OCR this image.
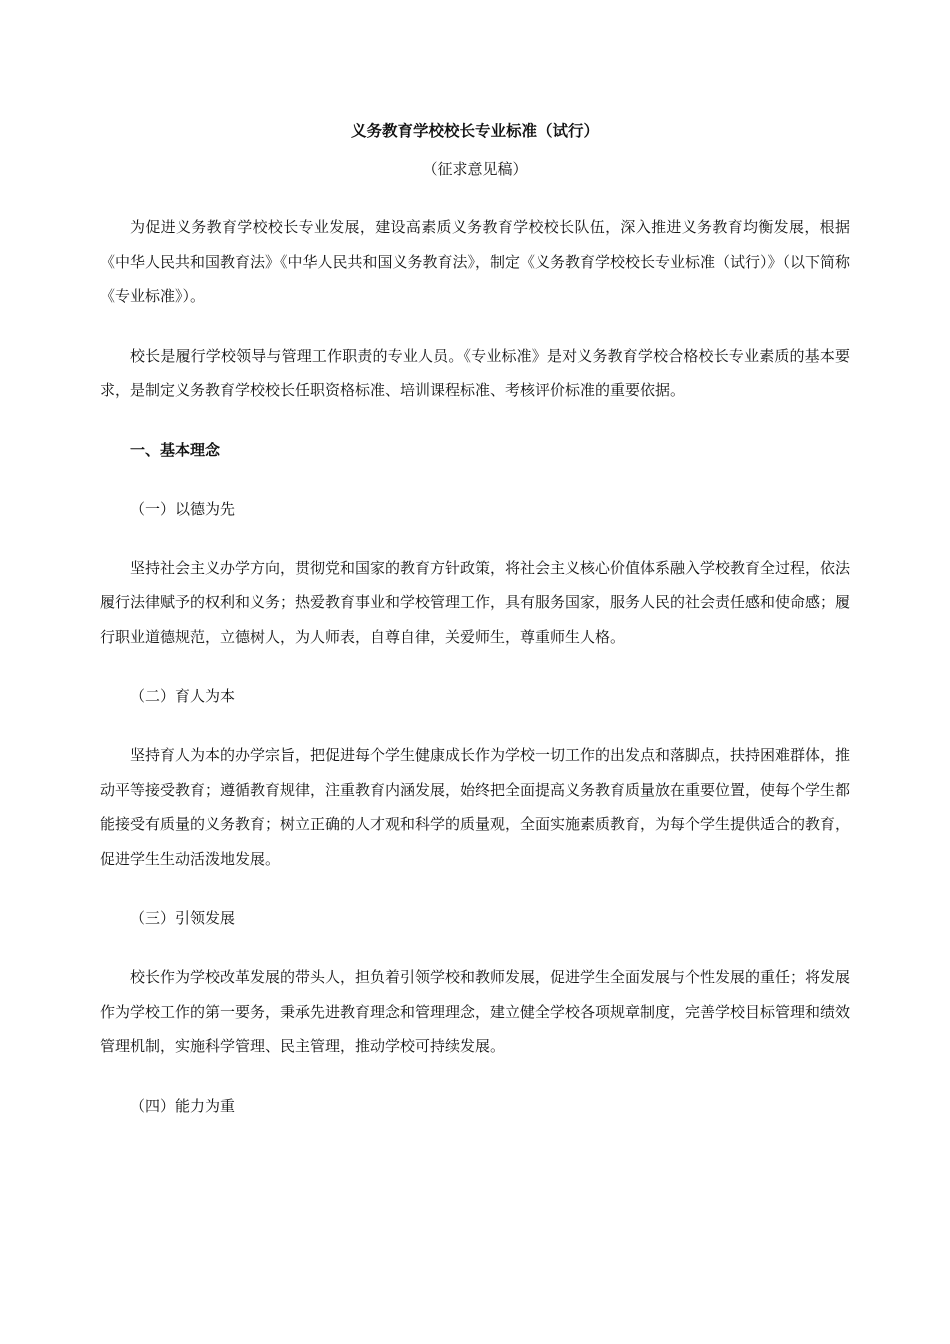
义务教育学校校长专业标准（试行）

（征求意见稿）

为促进义务教育学校校长专业发展，建设高素质义务教育学校校长队伍，深入推进义务教育均衡发展，根据《中华人民共和国教育法》《中华人民共和国义务教育法》，制定《义务教育学校校长专业标准（试行）》（以下简称《专业标准》）。

校长是履行学校领导与管理工作职责的专业人员。《专业标准》是对义务教育学校合格校长专业素质的基本要求，是制定义务教育学校校长任职资格标准、培训课程标准、考核评价标准的重要依据。

一、基本理念

（一）以德为先

坚持社会主义办学方向，贯彻党和国家的教育方针政策，将社会主义核心价值体系融入学校教育全过程，依法履行法律赋予的权利和义务；热爱教育事业和学校管理工作，具有服务国家，服务人民的社会责任感和使命感；履行职业道德规范，立德树人，为人师表，自尊自律，关爱师生，尊重师生人格。

（二）育人为本

坚持育人为本的办学宗旨，把促进每个学生健康成长作为学校一切工作的出发点和落脚点，扶持困难群体，推动平等接受教育；遵循教育规律，注重教育内涵发展，始终把全面提高义务教育质量放在重要位置，使每个学生都能接受有质量的义务教育；树立正确的人才观和科学的质量观，全面实施素质教育，为每个学生提供适合的教育，促进学生生动活泼地发展。

（三）引领发展

校长作为学校改革发展的带头人，担负着引领学校和教师发展，促进学生全面发展与个性发展的重任；将发展作为学校工作的第一要务，秉承先进教育理念和管理理念，建立健全学校各项规章制度，完善学校目标管理和绩效管理机制，实施科学管理、民主管理，推动学校可持续发展。

（四）能力为重
